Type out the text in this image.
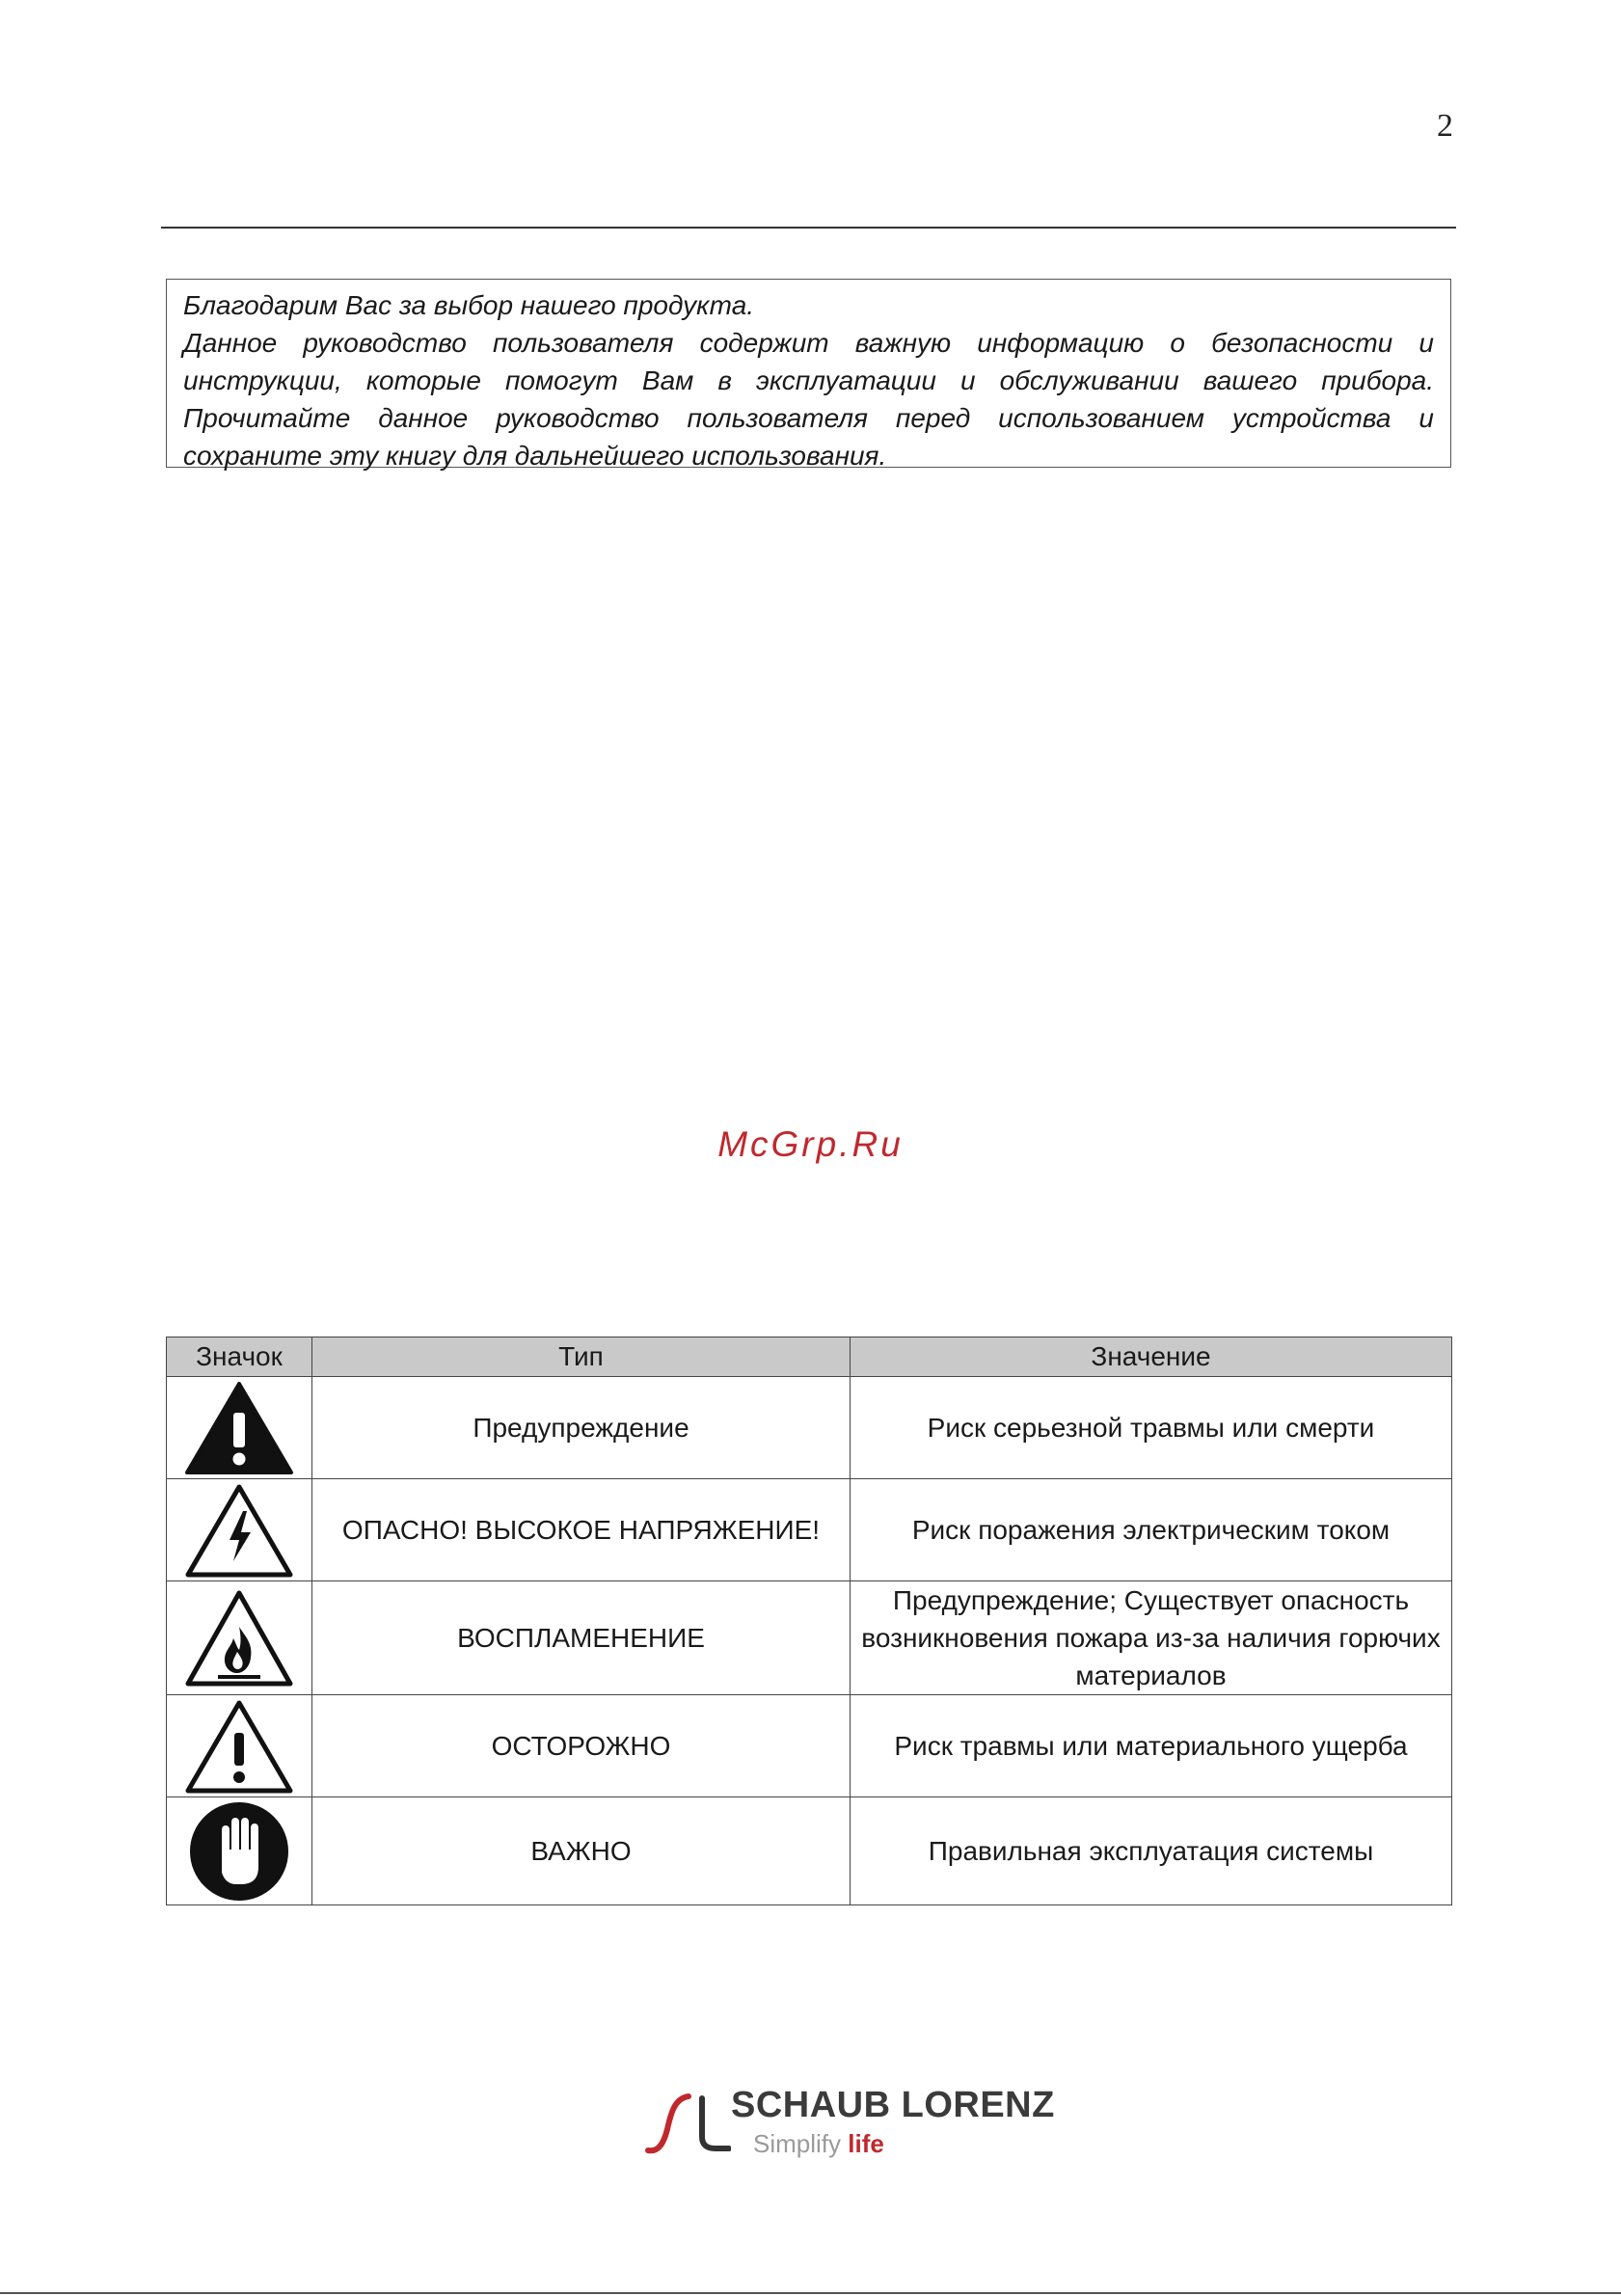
2

Благодарим Вас за выбор нашего продукта.

Данное руководство пользователя содержит важную информацию о безопасности и инструкции, которые помогут Вам в эксплуатации и обслуживании вашего прибора. Прочитайте данное руководство пользователя перед использованием устройства и сохраните эту книгу для дальнейшего использования.

McGrp.Ru
Значок	Тип	Значение

	Предупреждение	Риск серьезной травмы или смерти

	ОПАСНО! ВЫСОКОЕ НАПРЯЖЕНИЕ!	Риск поражения электрическим током

	ВОСПЛАМЕНЕНИЕ	Предупреждение; Существует опасность возникновения пожара из-за наличия горючих материалов

	ОСТОРОЖНО	Риск травмы или материального ущерба

	ВАЖНО	Правильная эксплуатация системы
SCHAUB LORENZ
Simplify life
